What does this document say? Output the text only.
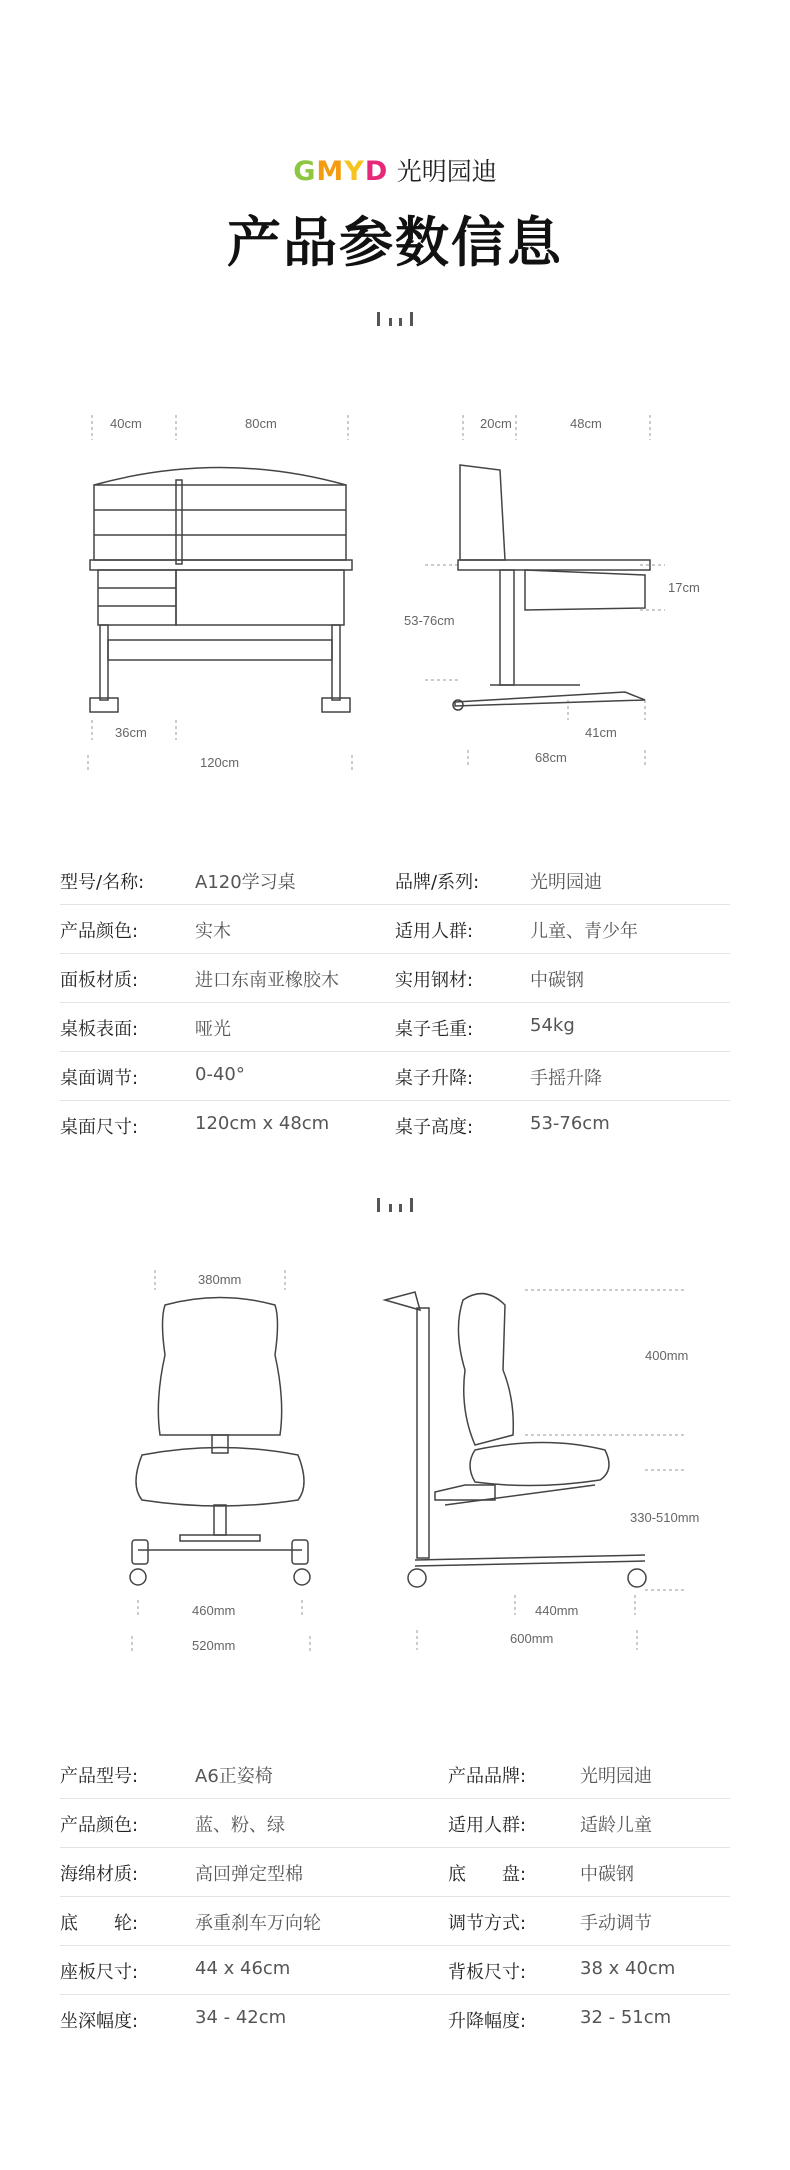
GMYD 光明园迪
产品参数信息
40cm	80cm
36cm
120cm
20cm	48cm
53-76cm
17cm
41cm
68cm
型号/名称:	A120学习桌	品牌/系列:	光明园迪
产品颜色:	实木	适用人群:	儿童、青少年
面板材质:	进口东南亚橡胶木	实用钢材:	中碳钢
桌板表面:	哑光	桌子毛重:	54kg
桌面调节:	0-40°	桌子升降:	手摇升降
桌面尺寸:	120cm x 48cm	桌子高度:	53-76cm
380mm
460mm
520mm
400mm
330-510mm
440mm
600mm
产品型号:	A6正姿椅	产品品牌:	光明园迪
产品颜色:	蓝、粉、绿	适用人群:	适龄儿童
海绵材质:	高回弹定型棉	底　　盘:	中碳钢
底　　轮:	承重刹车万向轮	调节方式:	手动调节
座板尺寸:	44 x 46cm	背板尺寸:	38 x 40cm
坐深幅度:	34 - 42cm	升降幅度:	32 - 51cm
